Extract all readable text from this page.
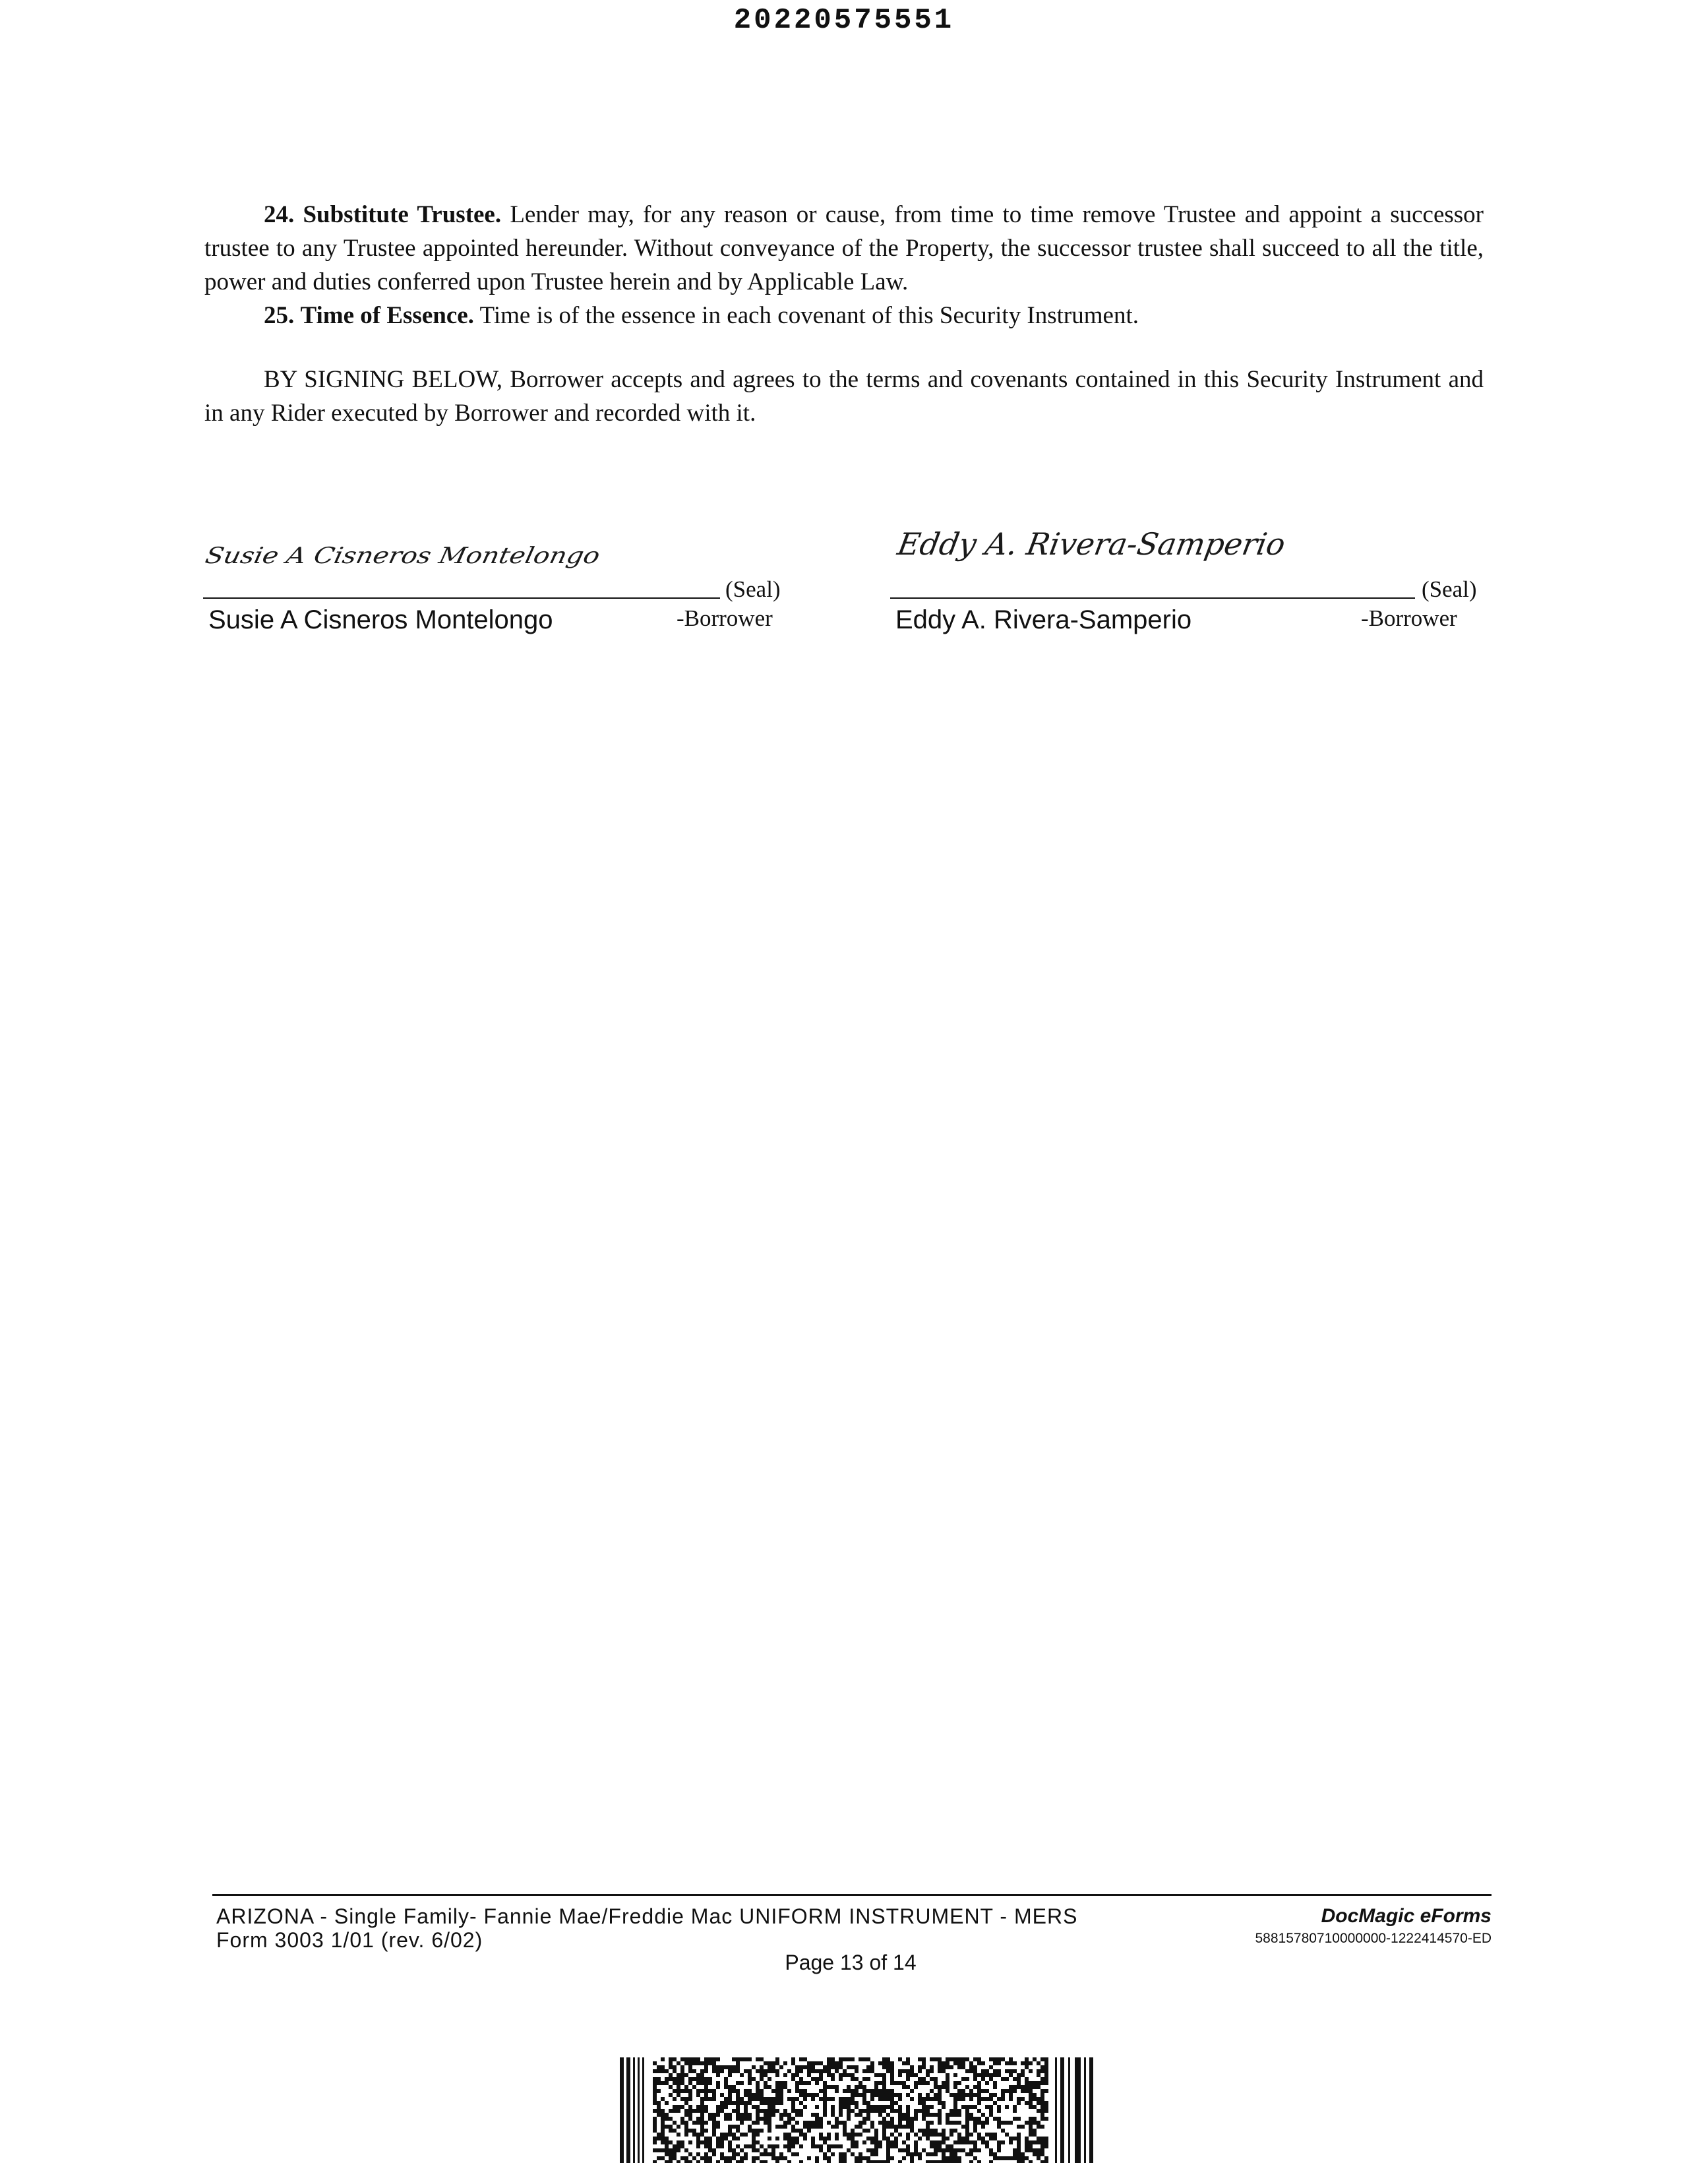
20220575551

24. Substitute Trustee. Lender may, for any reason or cause, from time to time remove Trustee and appoint a successor trustee to any Trustee appointed hereunder. Without conveyance of the Property, the successor trustee shall succeed to all the title, power and duties conferred upon Trustee herein and by Applicable Law.

25. Time of Essence. Time is of the essence in each covenant of this Security Instrument.

BY SIGNING BELOW, Borrower accepts and agrees to the terms and covenants contained in this Security Instrument and in any Rider executed by Borrower and recorded with it.

Susie A Cisneros Montelongo
(Seal)
Susie A Cisneros Montelongo	-Borrower
Eddy A. Rivera-Samperio
(Seal)
Eddy A. Rivera-Samperio	-Borrower
ARIZONA - Single Family- Fannie Mae/Freddie Mac UNIFORM INSTRUMENT - MERS
Form 3003 1/01 (rev. 6/02)
Page 13 of 14
DocMagic eForms
58815780710000000-1222414570-ED
